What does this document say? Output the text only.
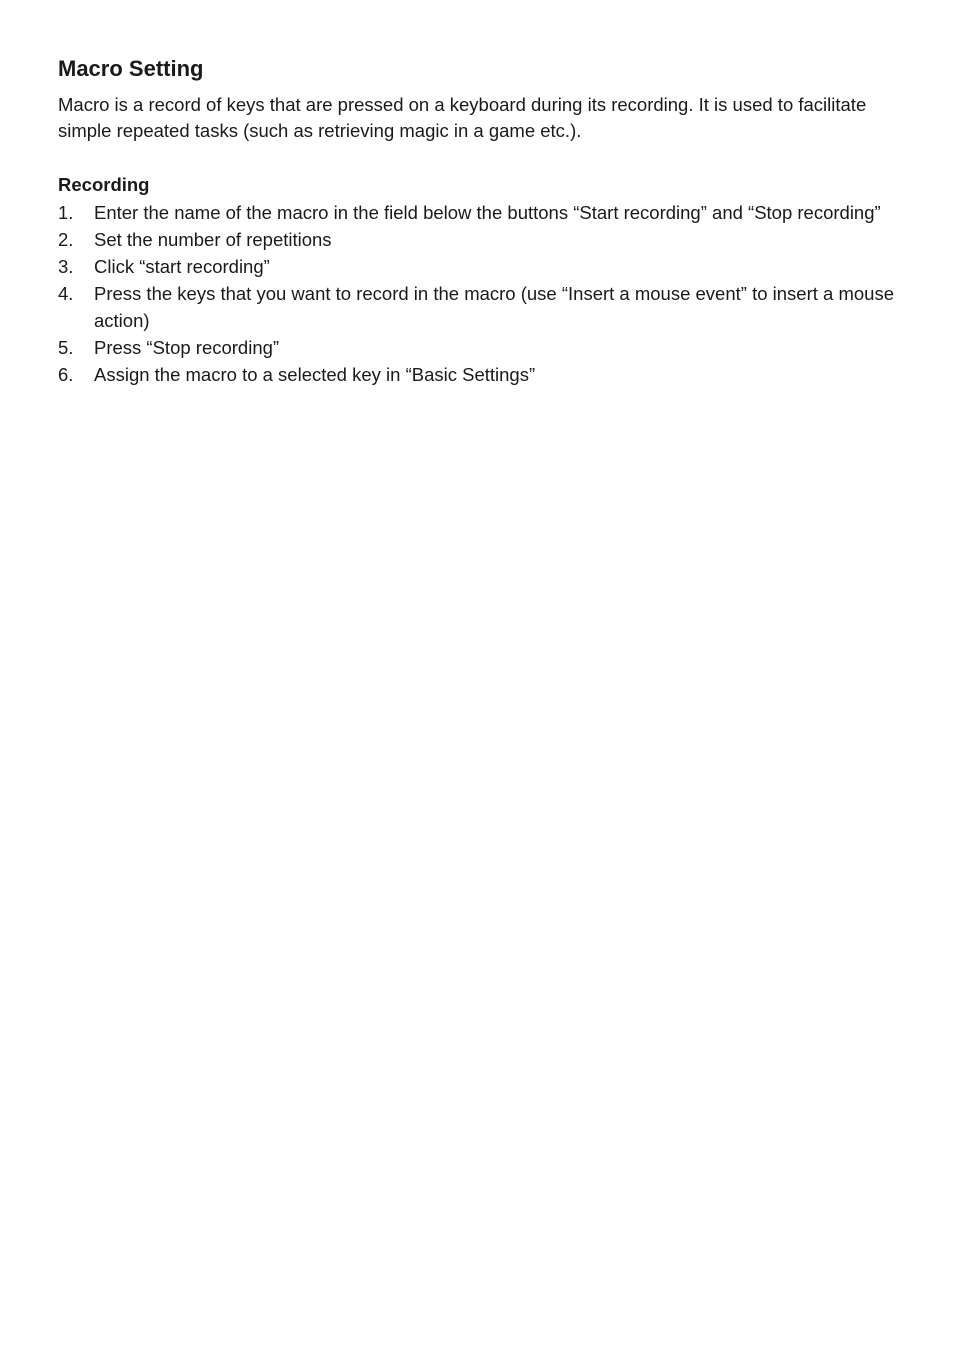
Macro Setting

Macro is a record of keys that are pressed on a keyboard during its recording. It is used to facilitate simple repeated tasks (such as retrieving magic in a game etc.).

Recording
1.	Enter the name of the macro in the field below the buttons “Start recording” and “Stop recording”
2.	Set the number of repetitions
3.	Click “start recording”
4.	Press the keys that you want to record in the macro (use “Insert a mouse event” to insert a mouse action)
5.	Press “Stop recording”
6.	Assign the macro to a selected key in “Basic Settings”
